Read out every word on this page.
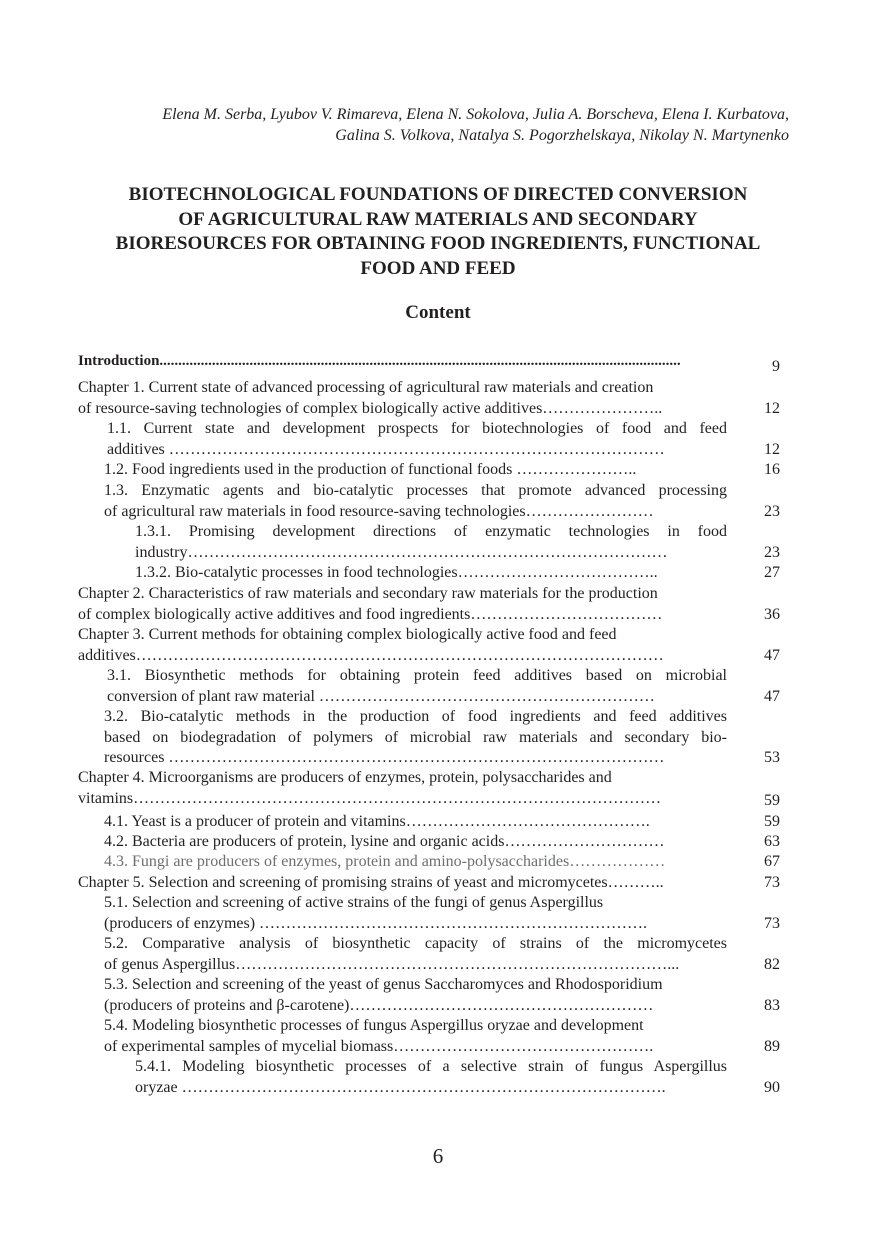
Elena M. Serba, Lyubov V. Rimareva, Elena N. Sokolova, Julia A. Borscheva, Elena I. Kurbatova,
Galina S. Volkova, Natalya S. Pogorzhelskaya, Nikolay N. Martynenko
BIOTECHNOLOGICAL FOUNDATIONS OF DIRECTED CONVERSION
OF AGRICULTURAL RAW MATERIALS AND SECONDARY
BIORESOURCES FOR OBTAINING FOOD INGREDIENTS, FUNCTIONAL
FOOD AND FEED
Content
Introduction...........................................................................................................................................	9
Chapter 1. Current state of advanced processing of agricultural raw materials and creation
of resource-saving technologies of complex biologically active additives…………………..	12
1.1. Current state and development prospects for biotechnologies of food and feed
additives …………………………………………………………………………………	12
1.2. Food ingredients used in the production of functional foods …………………..	16
1.3. Enzymatic agents and bio-catalytic processes that promote advanced processing
of agricultural raw materials in food resource-saving technologies……………………	23
1.3.1. Promising development directions of enzymatic technologies in food
industry………………………………………………………………………………	23
1.3.2. Bio-catalytic processes in food technologies………………………………..	27
Chapter 2. Characteristics of raw materials and secondary raw materials for the production
of complex biologically active additives and food ingredients………………………………	36
Chapter 3. Current methods for obtaining complex biologically active food and feed
additives………………………………………………………………………………………	47
3.1. Biosynthetic methods for obtaining protein feed additives based on microbial
conversion of plant raw material ………………………………………………………	47
3.2. Bio-catalytic methods in the production of food ingredients and feed additives
based on biodegradation of polymers of microbial raw materials and secondary bio-
resources …………………………………………………………………………………	53
Chapter 4. Microorganisms are producers of enzymes, protein, polysaccharides and
vitamins………………………………………………………………………………………	59
4.1. Yeast is a producer of protein and vitamins……………………………………….	59
4.2. Bacteria are producers of protein, lysine and organic acids…………………………	63
4.3. Fungi are producers of enzymes, protein and amino-polysaccharides………………	67
Chapter 5. Selection and screening of promising strains of yeast and micromycetes………..	73
5.1. Selection and screening of active strains of the fungi of genus Aspergillus
(producers of enzymes) ……………………………………………………………….	73
5.2. Comparative analysis of biosynthetic capacity of strains of the micromycetes
of genus Aspergillus………………………………………………………………………...	82
5.3. Selection and screening of the yeast of genus Saccharomyces and Rhodosporidium
(producers of proteins and β-carotene)…………………………………………………	83
5.4. Modeling biosynthetic processes of fungus Aspergillus oryzae and development
of experimental samples of mycelial biomass………………………………………….	89
5.4.1. Modeling biosynthetic processes of a selective strain of fungus Aspergillus
oryzae ……………………………………………………………………………….	90
6
